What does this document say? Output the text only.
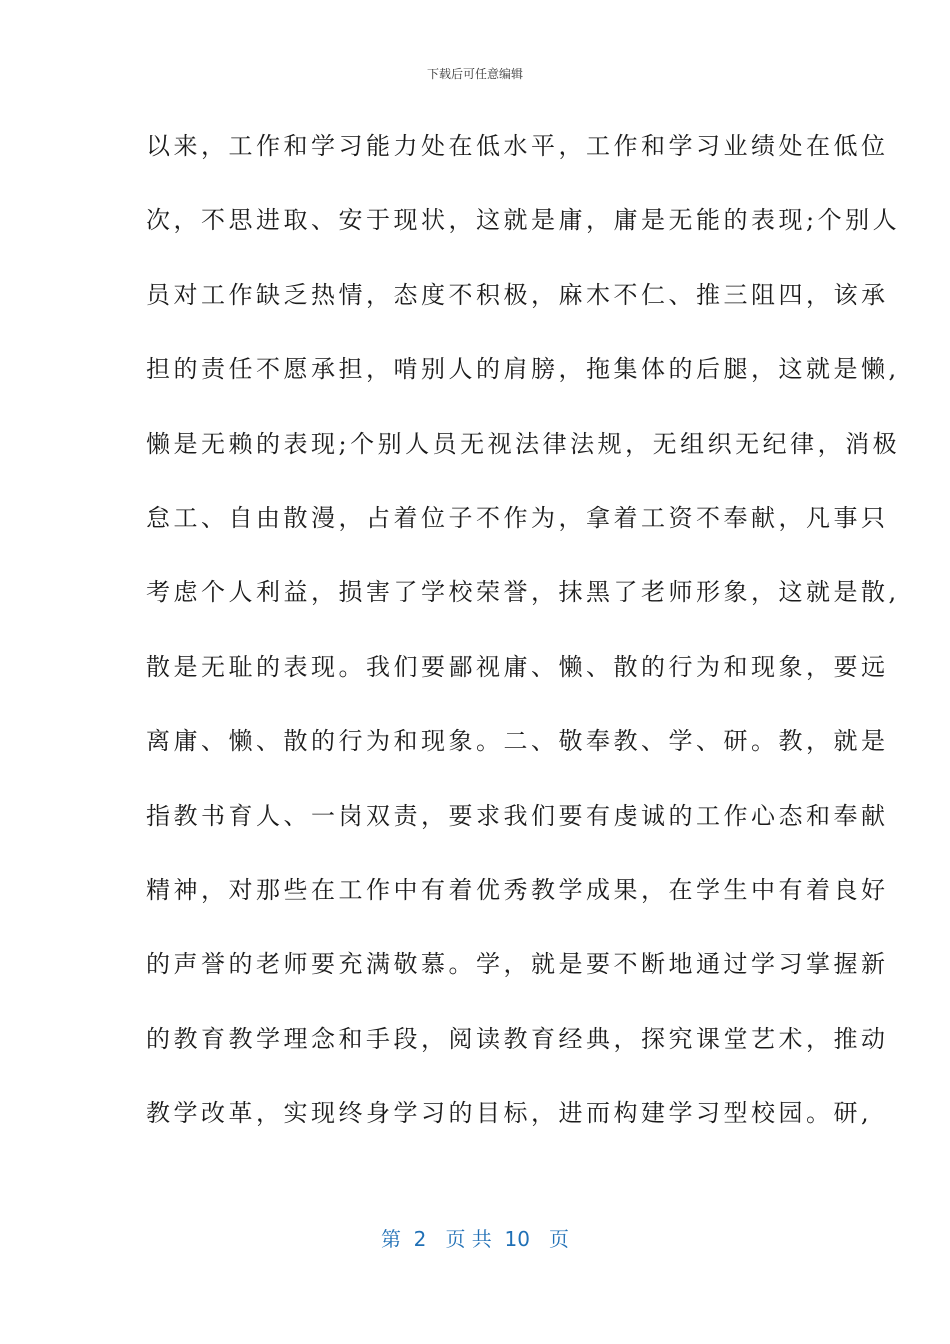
下载后可任意编辑
以来，工作和学习能力处在低水平，工作和学习业绩处在低位
次，不思进取、安于现状，这就是庸，庸是无能的表现;个别人
员对工作缺乏热情，态度不积极，麻木不仁、推三阻四，该承
担的责任不愿承担，啃别人的肩膀，拖集体的后腿，这就是懒,
懒是无赖的表现;个别人员无视法律法规，无组织无纪律，消极
怠工、自由散漫，占着位子不作为，拿着工资不奉献，凡事只
考虑个人利益，损害了学校荣誉，抹黑了老师形象，这就是散,
散是无耻的表现。我们要鄙视庸、懒、散的行为和现象，要远
离庸、懒、散的行为和现象。二、敬奉教、学、研。教，就是
指教书育人、一岗双责，要求我们要有虔诚的工作心态和奉献
精神，对那些在工作中有着优秀教学成果，在学生中有着良好
的声誉的老师要充满敬慕。学，就是要不断地通过学习掌握新
的教育教学理念和手段，阅读教育经典，探究课堂艺术，推动
教学改革，实现终身学习的目标，进而构建学习型校园。研,
第  2   页 共  10   页
